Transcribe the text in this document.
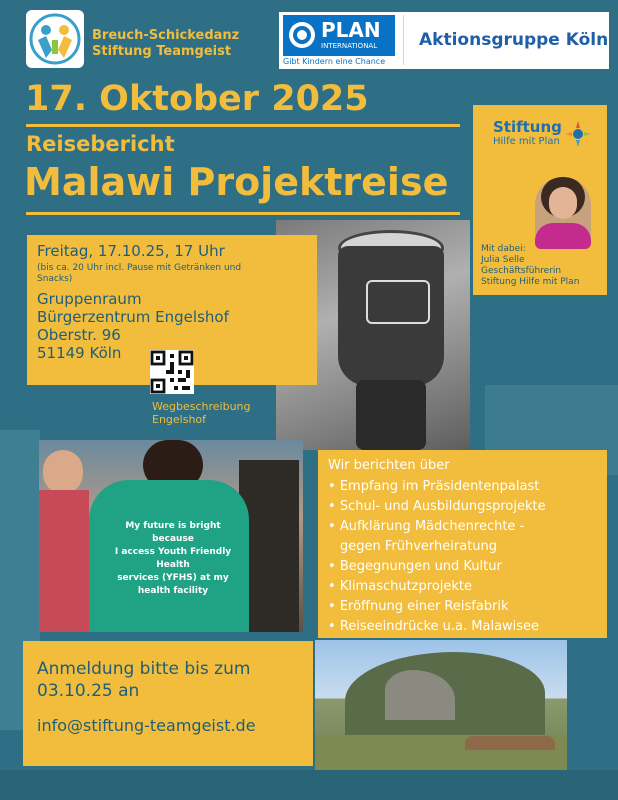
Breuch-Schickedanz
Stiftung Teamgeist
PLAN
INTERNATIONAL
Gibt Kindern eine Chance
Aktionsgruppe Köln
17. Oktober 2025
Reisebericht
Malawi Projektreise
Stiftung
Hilfe mit Plan
Mit dabei:
Julia Selle
Geschäftsführerin
Stiftung Hilfe mit Plan
Freitag, 17.10.25, 17 Uhr
(bis ca. 20 Uhr incl. Pause mit Getränken und Snacks)
Gruppenraum
Bürgerzentrum Engelshof
Oberstr. 96
51149 Köln
Wegbeschreibung
Engelshof
My future is bright because
I access Youth Friendly Health
services (YFHS) at my
health facility
Wir berichten über
• Empfang im Präsidentenpalast
• Schul- und Ausbildungsprojekte
• Aufklärung Mädchenrechte -
gegen Frühverheiratung
• Begegnungen und Kultur
• Klimaschutzprojekte
• Eröffnung einer Reisfabrik
• Reiseeindrücke u.a. Malawisee
Anmeldung bitte bis zum
03.10.25 an
info@stiftung-teamgeist.de
